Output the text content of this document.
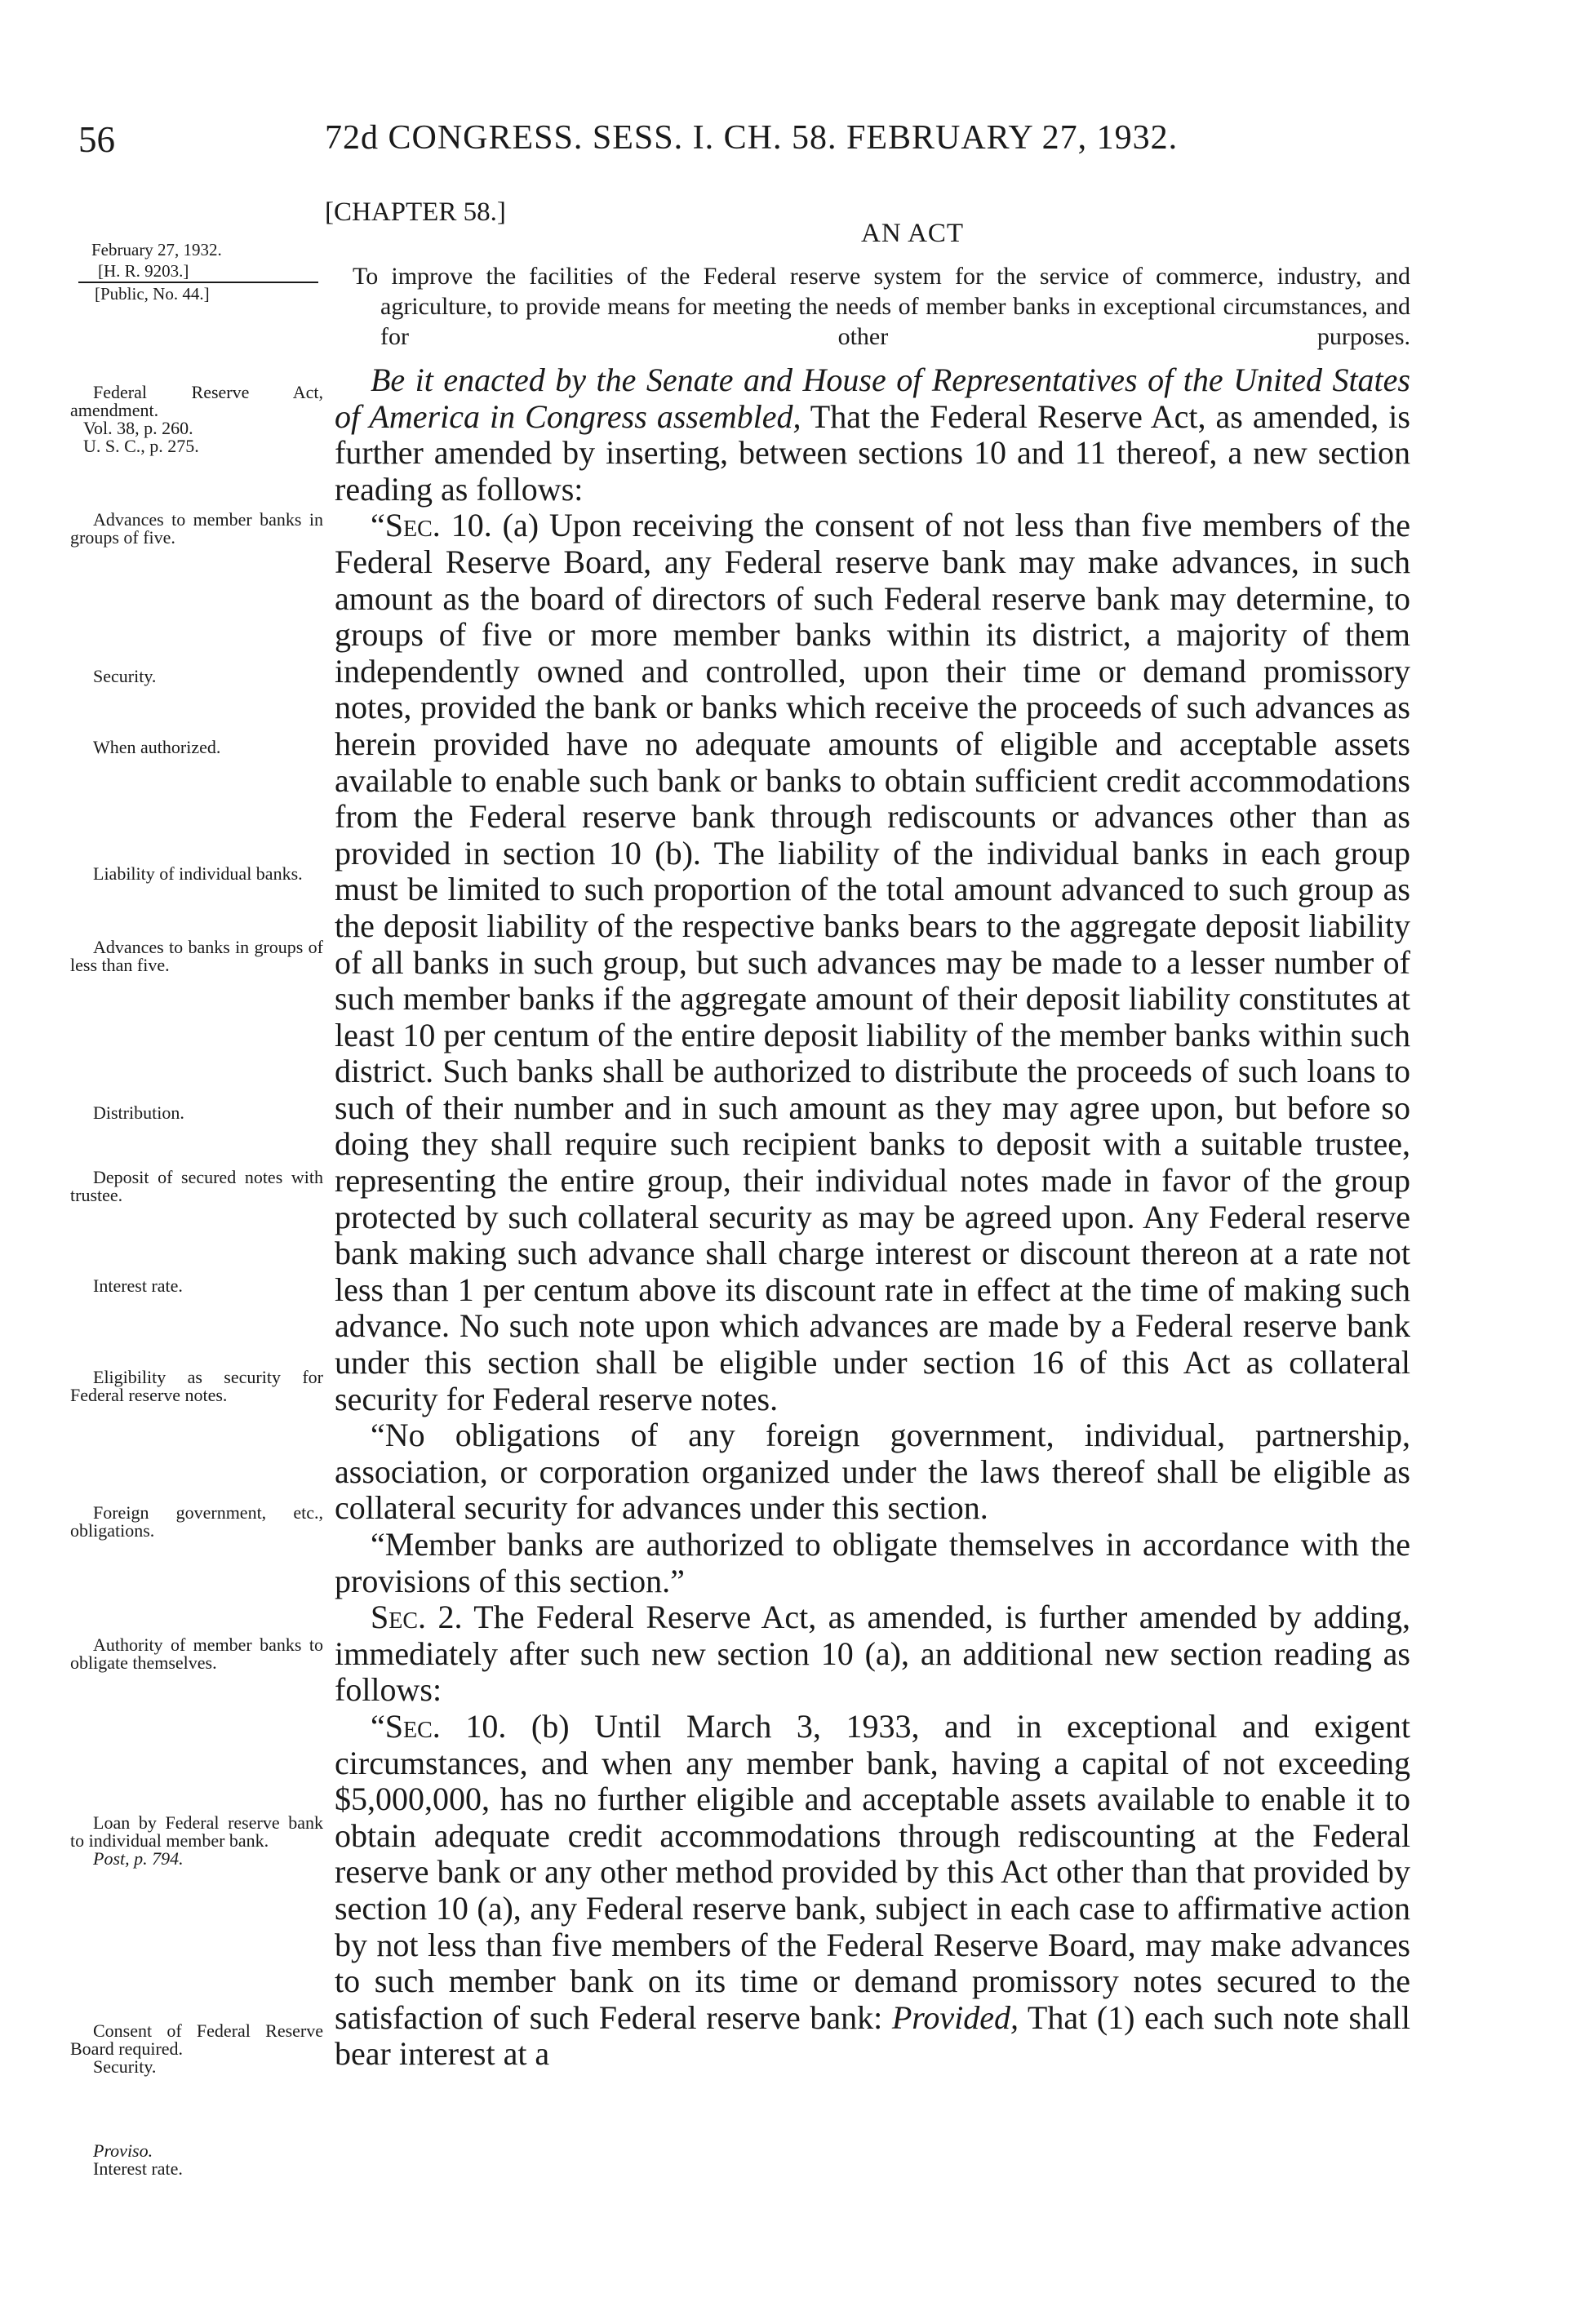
56	72d CONGRESS. SESS. I. CH. 58. FEBRUARY 27, 1932.
[CHAPTER 58.]
AN ACT
To improve the facilities of the Federal reserve system for the service of commerce, industry, and agriculture, to provide means for meeting the needs of member banks in exceptional circumstances, and for other purposes.
February 27, 1932.
[H. R. 9203.]
[Public, No. 44.]
Federal Reserve Act, amendment.
Vol. 38, p. 260.
U. S. C., p. 275.
Advances to member banks in groups of five.
Security.
When authorized.
Liability of individual banks.
Advances to banks in groups of less than five.
Distribution.
Deposit of secured notes with trustee.
Interest rate.
Eligibility as security for Federal reserve notes.
Foreign government, etc., obligations.
Authority of member banks to obligate themselves.
Loan by Federal reserve bank to individual member bank.
Post, p. 794.
Consent of Federal Reserve Board required.
Security.
Proviso.
Interest rate.

Be it enacted by the Senate and House of Representatives of the United States of America in Congress assembled, That the Federal Reserve Act, as amended, is further amended by inserting, between sections 10 and 11 thereof, a new section reading as follows:

“Sec. 10. (a) Upon receiving the consent of not less than five members of the Federal Reserve Board, any Federal reserve bank may make advances, in such amount as the board of directors of such Federal reserve bank may determine, to groups of five or more member banks within its district, a majority of them independently owned and controlled, upon their time or demand promissory notes, provided the bank or banks which receive the proceeds of such advances as herein provided have no adequate amounts of eligible and acceptable assets available to enable such bank or banks to obtain sufficient credit accommodations from the Federal reserve bank through rediscounts or advances other than as provided in section 10 (b). The liability of the individual banks in each group must be limited to such proportion of the total amount advanced to such group as the deposit liability of the respective banks bears to the aggregate deposit liability of all banks in such group, but such advances may be made to a lesser number of such member banks if the aggregate amount of their deposit liability constitutes at least 10 per centum of the entire deposit liability of the member banks within such district. Such banks shall be authorized to distribute the proceeds of such loans to such of their number and in such amount as they may agree upon, but before so doing they shall require such recipient banks to deposit with a suitable trustee, representing the entire group, their individual notes made in favor of the group protected by such collateral security as may be agreed upon. Any Federal reserve bank making such advance shall charge interest or discount thereon at a rate not less than 1 per centum above its discount rate in effect at the time of making such advance. No such note upon which advances are made by a Federal reserve bank under this section shall be eligible under section 16 of this Act as collateral security for Federal reserve notes.

“No obligations of any foreign government, individual, partnership, association, or corporation organized under the laws thereof shall be eligible as collateral security for advances under this section.

“Member banks are authorized to obligate themselves in accordance with the provisions of this section.”

Sec. 2. The Federal Reserve Act, as amended, is further amended by adding, immediately after such new section 10 (a), an additional new section reading as follows:

“Sec. 10. (b) Until March 3, 1933, and in exceptional and exigent circumstances, and when any member bank, having a capital of not exceeding $5,000,000, has no further eligible and acceptable assets available to enable it to obtain adequate credit accommodations through rediscounting at the Federal reserve bank or any other method provided by this Act other than that provided by section 10 (a), any Federal reserve bank, subject in each case to affirmative action by not less than five members of the Federal Reserve Board, may make advances to such member bank on its time or demand promissory notes secured to the satisfaction of such Federal reserve bank: Provided, That (1) each such note shall bear interest at a
